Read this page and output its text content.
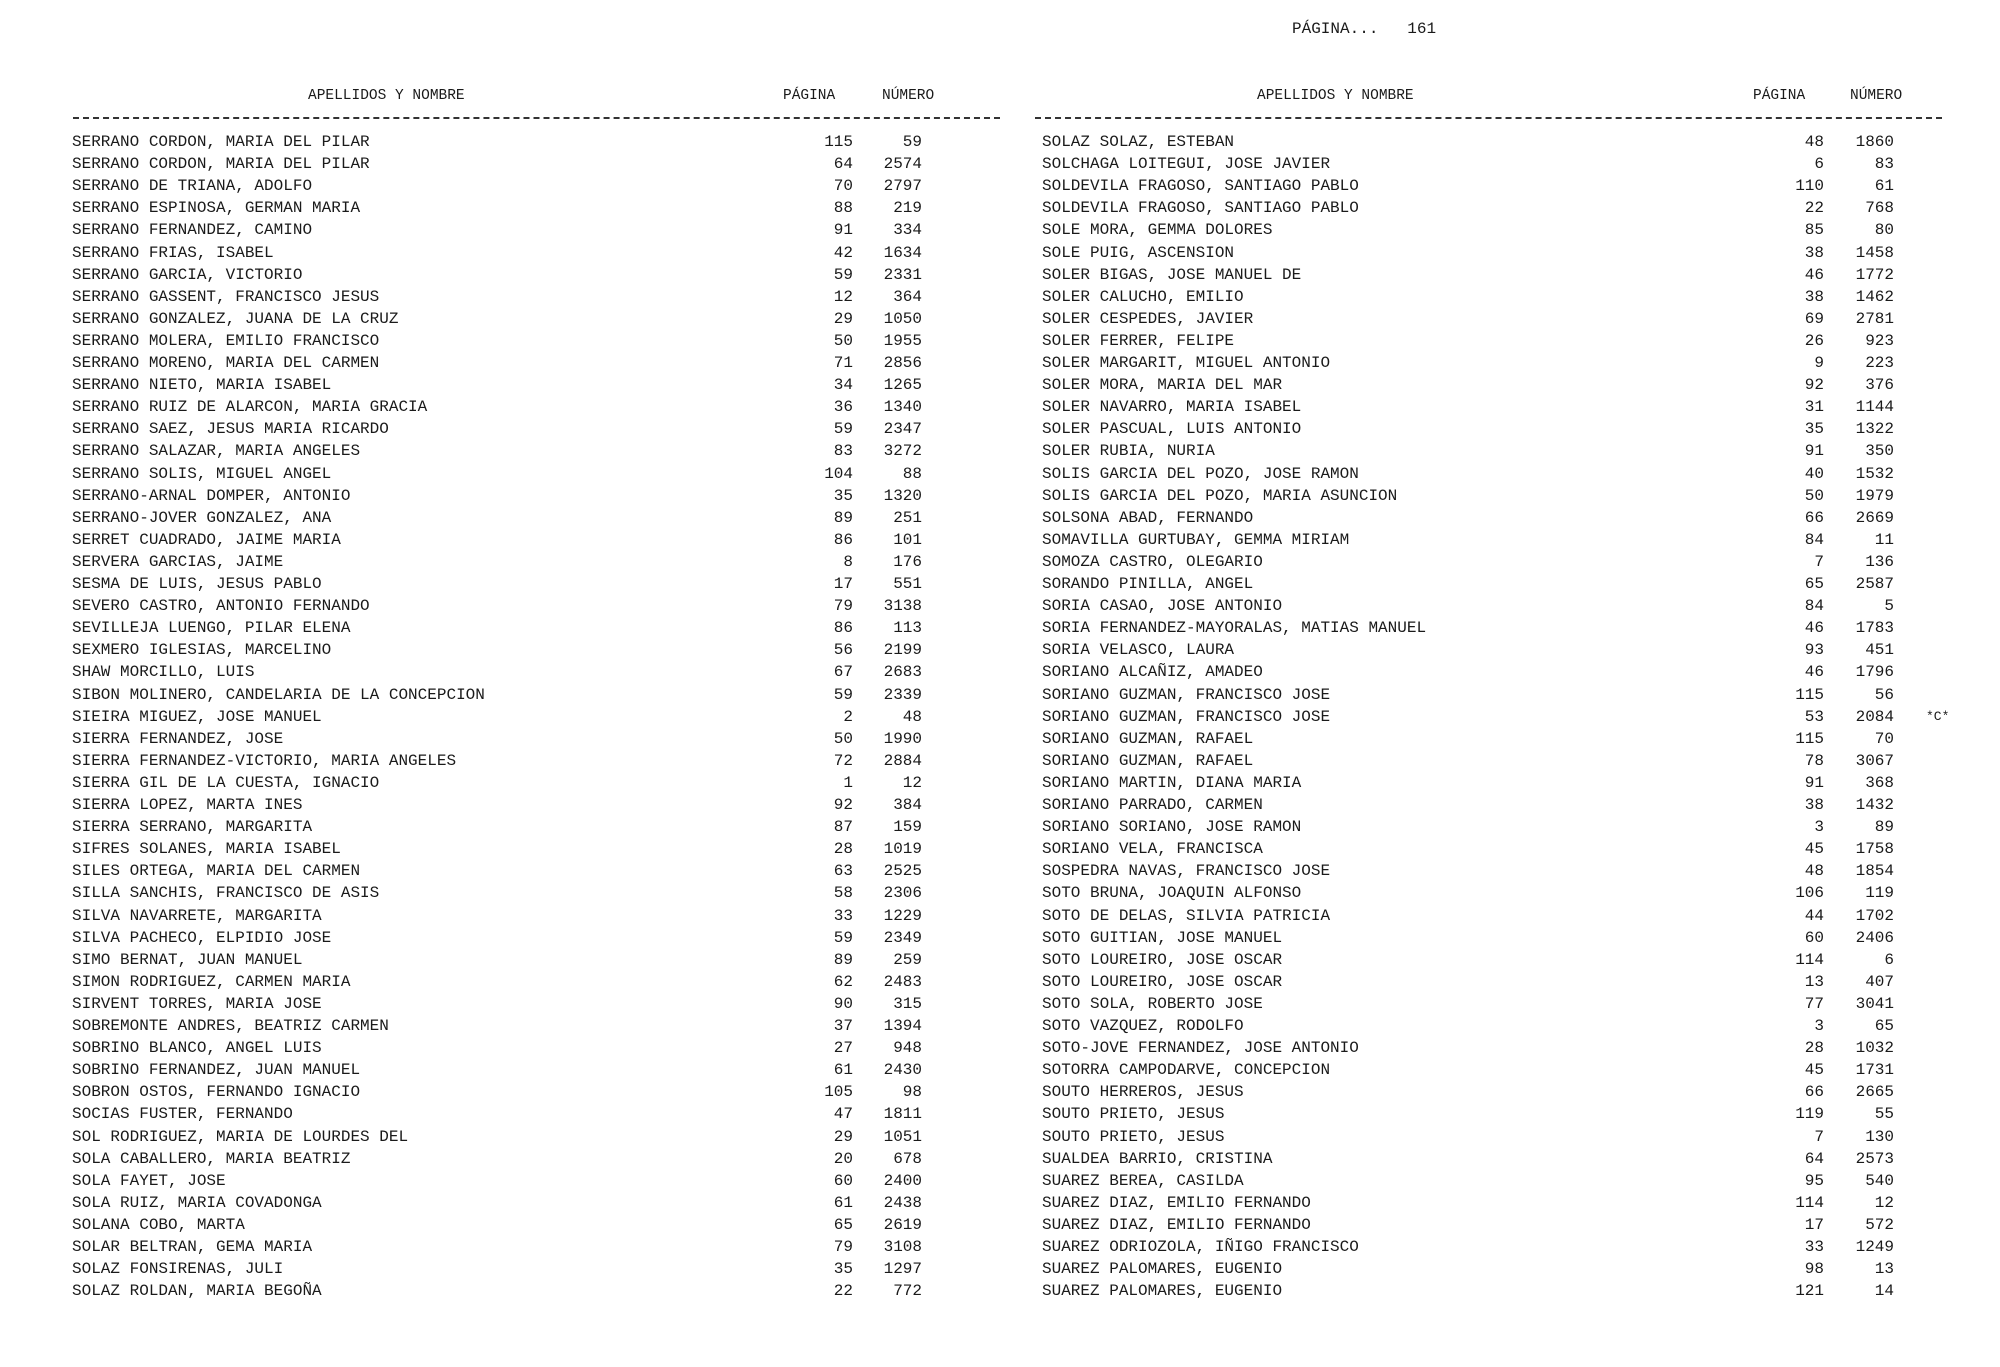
PÁGINA... 161
APELLIDOS Y NOMBRE	PÁGINA	NÚMERO	APELLIDOS Y NOMBRE	PÁGINA	NÚMERO
SERRANO CORDON, MARIA DEL PILAR	115	59
SERRANO CORDON, MARIA DEL PILAR	64	2574
SERRANO DE TRIANA, ADOLFO	70	2797
SERRANO ESPINOSA, GERMAN MARIA	88	219
SERRANO FERNANDEZ, CAMINO	91	334
SERRANO FRIAS, ISABEL	42	1634
SERRANO GARCIA, VICTORIO	59	2331
SERRANO GASSENT, FRANCISCO JESUS	12	364
SERRANO GONZALEZ, JUANA DE LA CRUZ	29	1050
SERRANO MOLERA, EMILIO FRANCISCO	50	1955
SERRANO MORENO, MARIA DEL CARMEN	71	2856
SERRANO NIETO, MARIA ISABEL	34	1265
SERRANO RUIZ DE ALARCON, MARIA GRACIA	36	1340
SERRANO SAEZ, JESUS MARIA RICARDO	59	2347
SERRANO SALAZAR, MARIA ANGELES	83	3272
SERRANO SOLIS, MIGUEL ANGEL	104	88
SERRANO-ARNAL DOMPER, ANTONIO	35	1320
SERRANO-JOVER GONZALEZ, ANA	89	251
SERRET CUADRADO, JAIME MARIA	86	101
SERVERA GARCIAS, JAIME	8	176
SESMA DE LUIS, JESUS PABLO	17	551
SEVERO CASTRO, ANTONIO FERNANDO	79	3138
SEVILLEJA LUENGO, PILAR ELENA	86	113
SEXMERO IGLESIAS, MARCELINO	56	2199
SHAW MORCILLO, LUIS	67	2683
SIBON MOLINERO, CANDELARIA DE LA CONCEPCION	59	2339
SIEIRA MIGUEZ, JOSE MANUEL	2	48
SIERRA FERNANDEZ, JOSE	50	1990
SIERRA FERNANDEZ-VICTORIO, MARIA ANGELES	72	2884
SIERRA GIL DE LA CUESTA, IGNACIO	1	12
SIERRA LOPEZ, MARTA INES	92	384
SIERRA SERRANO, MARGARITA	87	159
SIFRES SOLANES, MARIA ISABEL	28	1019
SILES ORTEGA, MARIA DEL CARMEN	63	2525
SILLA SANCHIS, FRANCISCO DE ASIS	58	2306
SILVA NAVARRETE, MARGARITA	33	1229
SILVA PACHECO, ELPIDIO JOSE	59	2349
SIMO BERNAT, JUAN MANUEL	89	259
SIMON RODRIGUEZ, CARMEN MARIA	62	2483
SIRVENT TORRES, MARIA JOSE	90	315
SOBREMONTE ANDRES, BEATRIZ CARMEN	37	1394
SOBRINO BLANCO, ANGEL LUIS	27	948
SOBRINO FERNANDEZ, JUAN MANUEL	61	2430
SOBRON OSTOS, FERNANDO IGNACIO	105	98
SOCIAS FUSTER, FERNANDO	47	1811
SOL RODRIGUEZ, MARIA DE LOURDES DEL	29	1051
SOLA CABALLERO, MARIA BEATRIZ	20	678
SOLA FAYET, JOSE	60	2400
SOLA RUIZ, MARIA COVADONGA	61	2438
SOLANA COBO, MARTA	65	2619
SOLAR BELTRAN, GEMA MARIA	79	3108
SOLAZ FONSIRENAS, JULI	35	1297
SOLAZ ROLDAN, MARIA BEGOÑA	22	772
SOLAZ SOLAZ, ESTEBAN	48	1860
SOLCHAGA LOITEGUI, JOSE JAVIER	6	83
SOLDEVILA FRAGOSO, SANTIAGO PABLO	110	61
SOLDEVILA FRAGOSO, SANTIAGO PABLO	22	768
SOLE MORA, GEMMA DOLORES	85	80
SOLE PUIG, ASCENSION	38	1458
SOLER BIGAS, JOSE MANUEL DE	46	1772
SOLER CALUCHO, EMILIO	38	1462
SOLER CESPEDES, JAVIER	69	2781
SOLER FERRER, FELIPE	26	923
SOLER MARGARIT, MIGUEL ANTONIO	9	223
SOLER MORA, MARIA DEL MAR	92	376
SOLER NAVARRO, MARIA ISABEL	31	1144
SOLER PASCUAL, LUIS ANTONIO	35	1322
SOLER RUBIA, NURIA	91	350
SOLIS GARCIA DEL POZO, JOSE RAMON	40	1532
SOLIS GARCIA DEL POZO, MARIA ASUNCION	50	1979
SOLSONA ABAD, FERNANDO	66	2669
SOMAVILLA GURTUBAY, GEMMA MIRIAM	84	11
SOMOZA CASTRO, OLEGARIO	7	136
SORANDO PINILLA, ANGEL	65	2587
SORIA CASAO, JOSE ANTONIO	84	5
SORIA FERNANDEZ-MAYORALAS, MATIAS MANUEL	46	1783
SORIA VELASCO, LAURA	93	451
SORIANO ALCAÑIZ, AMADEO	46	1796
SORIANO GUZMAN, FRANCISCO JOSE	115	56
SORIANO GUZMAN, FRANCISCO JOSE	53	2084 *C*
SORIANO GUZMAN, RAFAEL	115	70
SORIANO GUZMAN, RAFAEL	78	3067
SORIANO MARTIN, DIANA MARIA	91	368
SORIANO PARRADO, CARMEN	38	1432
SORIANO SORIANO, JOSE RAMON	3	89
SORIANO VELA, FRANCISCA	45	1758
SOSPEDRA NAVAS, FRANCISCO JOSE	48	1854
SOTO BRUNA, JOAQUIN ALFONSO	106	119
SOTO DE DELAS, SILVIA PATRICIA	44	1702
SOTO GUITIAN, JOSE MANUEL	60	2406
SOTO LOUREIRO, JOSE OSCAR	114	6
SOTO LOUREIRO, JOSE OSCAR	13	407
SOTO SOLA, ROBERTO JOSE	77	3041
SOTO VAZQUEZ, RODOLFO	3	65
SOTO-JOVE FERNANDEZ, JOSE ANTONIO	28	1032
SOTORRA CAMPODARVE, CONCEPCION	45	1731
SOUTO HERREROS, JESUS	66	2665
SOUTO PRIETO, JESUS	119	55
SOUTO PRIETO, JESUS	7	130
SUALDEA BARRIO, CRISTINA	64	2573
SUAREZ BEREA, CASILDA	95	540
SUAREZ DIAZ, EMILIO FERNANDO	114	12
SUAREZ DIAZ, EMILIO FERNANDO	17	572
SUAREZ ODRIOZOLA, IÑIGO FRANCISCO	33	1249
SUAREZ PALOMARES, EUGENIO	98	13
SUAREZ PALOMARES, EUGENIO	121	14
